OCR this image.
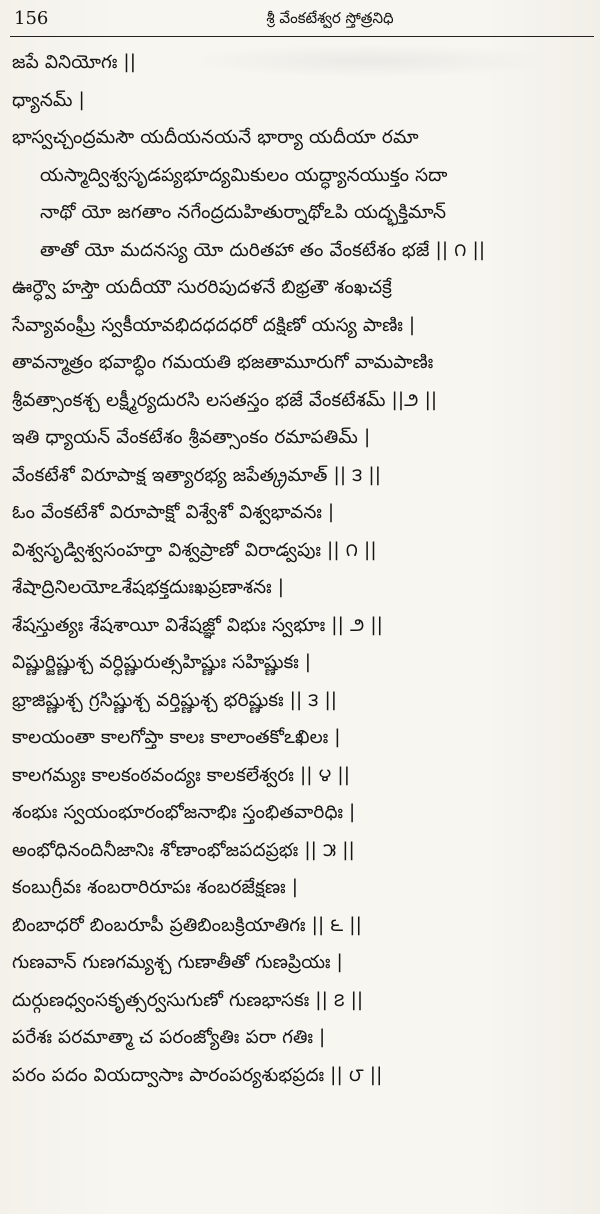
156	శ్రీ వేంకటేశ్వర స్తోత్రనిధి
జపే వినియోగః ||
ధ్యానమ్ |
భాస్వచ్చంద్రమసౌ యదీయనయనే భార్యా యదీయా రమా
యస్మాద్విశ్వసృడప్యభూద్యమికులం యద్ధ్యానయుక్తం సదా
నాథో యో జగతాం నగేంద్రదుహితుర్నాథోఽపి యద్భక్తిమాన్
తాతో యో మదనస్య యో దురితహా తం వేంకటేశం భజే || ౧ ||
ఊర్ధ్వౌ హస్తౌ యదీయౌ సురరిపుదళనే బిభ్రతౌ శంఖచక్రే
సేవ్యావంఘ్రీ స్వకీయావభిదధదధరో దక్షిణో యస్య పాణిః |
తావన్మాత్రం భవాబ్ధిం గమయతి భజతామూరుగో వామపాణిః
శ్రీవత్సాంకశ్చ లక్ష్మీర్యదురసి లసతస్తం భజే వేంకటేశమ్ ||౨ ||
ఇతి ధ్యాయన్ వేంకటేశం శ్రీవత్సాంకం రమాపతిమ్ |
వేంకటేశో విరూపాక్ష ఇత్యారభ్య జపేత్క్రమాత్ || ౩ ||
ఓం వేంకటేశో విరూపాక్షో విశ్వేశో విశ్వభావనః |
విశ్వసృడ్విశ్వసంహర్తా విశ్వప్రాణో విరాడ్వపుః || ౧ ||
శేషాద్రినిలయోఽశేషభక్తదుఃఖప్రణాశనః |
శేషస్తుత్యః శేషశాయీ విశేషజ్ఞో విభుః స్వభూః || ౨ ||
విష్ణుర్జిష్ణుశ్చ వర్ధిష్ణురుత్సహిష్ణుః సహిష్ణుకః |
భ్రాజిష్ణుశ్చ గ్రసిష్ణుశ్చ వర్తిష్ణుశ్చ భరిష్ణుకః || ౩ ||
కాలయంతా కాలగోప్తా కాలః కాలాంతకోఽఖిలః |
కాలగమ్యః కాలకంఠవంద్యః కాలకలేశ్వరః || ౪ ||
శంభుః స్వయంభూరంభోజనాభిః స్తంభితవారిధిః |
అంభోధినందినీజానిః శోణాంభోజపదప్రభః || ౫ ||
కంబుగ్రీవః శంబరారిరూపః శంబరజేక్షణః |
బింబాధరో బింబరూపీ ప్రతిబింబక్రియాతిగః || ౬ ||
గుణవాన్ గుణగమ్యశ్చ గుణాతీతో గుణప్రియః |
దుర్గుణధ్వంసకృత్సర్వసుగుణో గుణభాసకః || ౭ ||
పరేశః పరమాత్మా చ పరంజ్యోతిః పరా గతిః |
పరం పదం వియద్వాసాః పారంపర్యశుభప్రదః || ౮ ||
